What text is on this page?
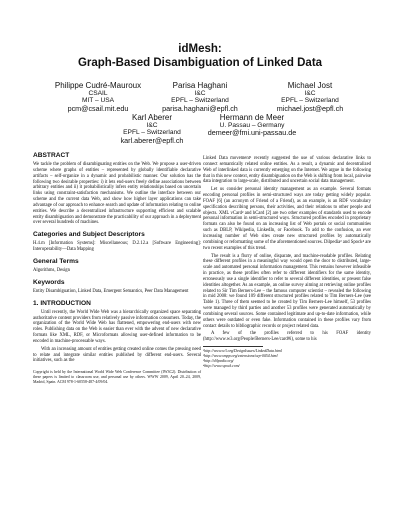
idMesh:
Graph-Based Disambiguation of Linked Data
Philippe Cudré-Mauroux
CSAIL
MIT – USA
pcm@csail.mit.edu
Parisa Haghani
I&C
EPFL – Switzerland
parisa.haghani@epfl.ch
Michael Jost
I&C
EPFL – Switzerland
michael.jost@epfl.ch
Karl Aberer
I&C
EPFL – Switzerland
karl.aberer@epfl.ch
Hermann de Meer
U. Passau – Germany
demeer@fmi.uni-passau.de
ABSTRACT

We tackle the problem of disambiguating entities on the Web. We propose a user-driven scheme where graphs of entities – represented by globally identifiable declarative artifacts – self-organize in a dynamic and probabilistic manner. Our solution has the following two desirable properties: i) it lets end-users freely define associations between arbitrary entities and ii) it probabilistically infers entity relationships based on uncertain links using constraint-satisfaction mechanisms. We outline the interface between our scheme and the current data Web, and show how higher layer applications can take advantage of our approach to enhance search and update of information relating to online entities. We describe a decentralized infrastructure supporting efficient and scalable entity disambiguation and demonstrate the practicability of our approach in a deployment over several hundreds of machines.

Categories and Subject Descriptors

H.4.m [Information Systems]: Miscellaneous; D.2.12.a [Software Engineering]: Interoperability—Data Mapping

General Terms

Algorithms, Design

Keywords

Entity Disambiguation, Linked Data, Emergent Semantics, Peer Data Management

1. INTRODUCTION

Until recently, the World Wide Web was a hierarchically organized space separating authoritative content providers from relatively passive information consumers. Today, the organization of the World Wide Web has flattened, empowering end-users with new roles. Publishing data on the Web is easier than ever with the advent of new declarative formats like XML, RDF, or Microformats allowing user-defined information to be encoded in machine-processable ways.

With an increasing amount of entities getting created online comes the pressing need to relate and integrate similar entities published by different end-users. Several initiatives, such as the

Copyright is held by the International World Wide Web Conference Committee (IW3C2). Distribution of these papers is limited to classroom use, and personal use by others. WWW 2009, April 20–24, 2009, Madrid, Spain. ACM 978-1-60558-487-4/09/04.

Linked Data movement¹ recently suggested the use of various declarative links to connect semantically related online entities. As a result, a dynamic and decentralized Web of interlinked data is currently emerging on the Internet. We argue in the following that in this new context, entity disambiguation on the Web is shifting from local, pairwise data integration to large-scale, distributed and uncertain social data management.

Let us consider personal identity management as an example. Several formats encoding personal profiles in semi-structured ways are today getting widely popular. FOAF [6] (an acronym of Friend of a Friend), as an example, is an RDF vocabulary specification describing persons, their activities, and their relations to other people and objects. XML vCard² and hCard [2] are two other examples of standards used to encode personal information in semi-structured ways. Structured profiles encoded in proprietary formats can also be found on an increasing list of Web portals or social communities such as DBLP, Wikipedia, LinkedIn, or Facebook. To add to the confusion, an ever increasing number of Web sites create new structured profiles by automatically combining or reformatting some of the aforementioned sources. Dilpedia³ and Spock⁴ are two recent examples of this trend.

The result is a flurry of online, disparate, and machine-readable profiles. Relating these different profiles in a meaningful way would open the door to distributed, large-scale and automated personal information management. This remains however infeasible in practice, as these profiles often refer to different identifiers for the same identity, erroneously use a single identifier to refer to several different identities, or present false identities altogether. As an example, an online survey aiming at retrieving online profiles related to Sir Tim Berners-Lee – the famous computer scientist – revealed the following in mid 2008: we found 109 different structured profiles related to Tim Berners-Lee (see Table 1). Three of them seemed to be created by Tim Berners-Lee himself, 53 profiles were managed by third parties and another 53 profiles were generated automatically by combining several sources. Some contained legitimate and up-to-date information, while others were outdated or even fake. Information contained in these profiles vary from contact details to bibliographic records or project related data.

A few of the profiles referred to his FOAF identity (http://www.w3.org/People/Berners-Lee/card#i), some to his

¹http://www.w3.org/DesignIssues/LinkedData.html

²http://www.xmpp.org/extensions/xep-0054.html

³http://dilpedia.org/

⁴http://www.spock.com/
